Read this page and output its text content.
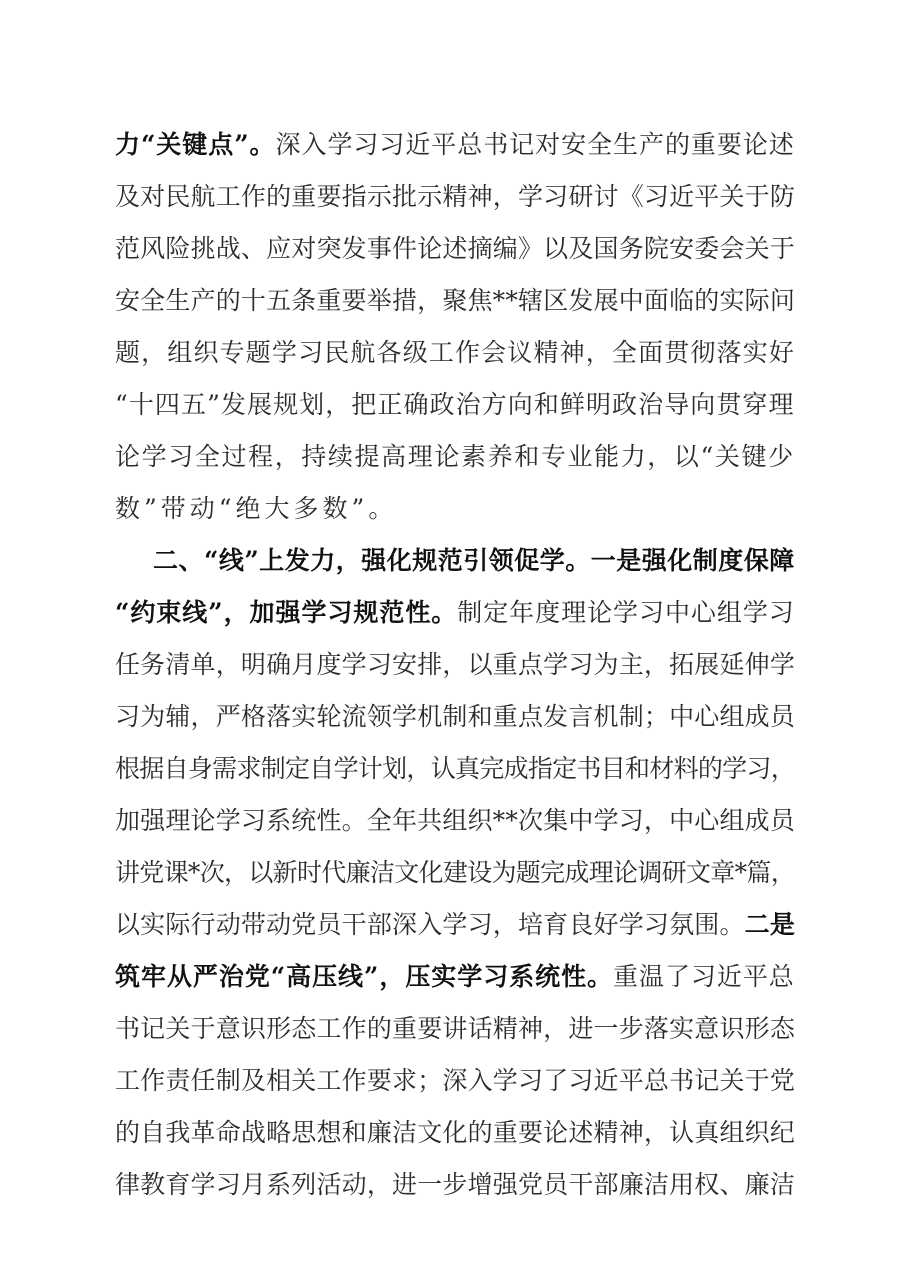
力“关键点”。深入学习习近平总书记对安全生产的重要论述
及对民航工作的重要指示批示精神，学习研讨《习近平关于防
范风险挑战、应对突发事件论述摘编》以及国务院安委会关于
安全生产的十五条重要举措，聚焦**辖区发展中面临的实际问
题，组织专题学习民航各级工作会议精神，全面贯彻落实好
“十四五”发展规划，把正确政治方向和鲜明政治导向贯穿理
论学习全过程，持续提高理论素养和专业能力，以“关键少
数”带动“绝大多数”。
二、“线”上发力，强化规范引领促学。一是强化制度保障
“约束线”，加强学习规范性。制定年度理论学习中心组学习
任务清单，明确月度学习安排，以重点学习为主，拓展延伸学
习为辅，严格落实轮流领学机制和重点发言机制；中心组成员
根据自身需求制定自学计划，认真完成指定书目和材料的学习，
加强理论学习系统性。全年共组织**次集中学习，中心组成员
讲党课*次，以新时代廉洁文化建设为题完成理论调研文章*篇，
以实际行动带动党员干部深入学习，培育良好学习氛围。二是
筑牢从严治党“高压线”，压实学习系统性。重温了习近平总
书记关于意识形态工作的重要讲话精神，进一步落实意识形态
工作责任制及相关工作要求；深入学习了习近平总书记关于党
的自我革命战略思想和廉洁文化的重要论述精神，认真组织纪
律教育学习月系列活动，进一步增强党员干部廉洁用权、廉洁
